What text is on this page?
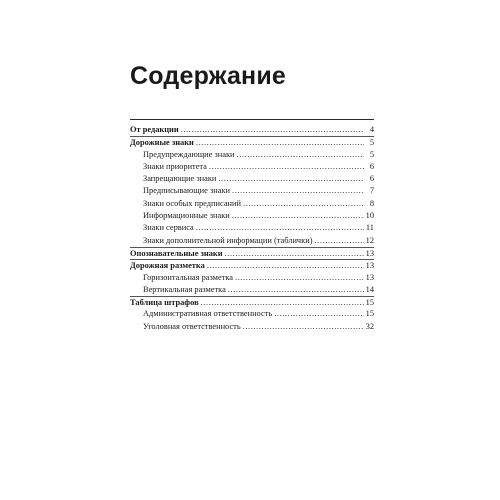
Содержание
От редакции .....	4
Дорожные знаки .....	5
Предупреждающие знаки .....	5
Знаки приоритета .....	6
Запрещающие знаки .....	6
Предписывающие знаки .....	7
Знаки особых предписаний .....	8
Информационные знаки .....	10
Знаки сервиса .....	11
Знаки дополнительной информации (таблички) .....	12
Опознавательные знаки .....	13
Дорожная разметка .....	13
Горизонтальная разметка .....	13
Вертикальная разметка .....	14
Таблица штрафов .....	15
Административная ответственность .....	15
Уголовная ответственность .....	32
